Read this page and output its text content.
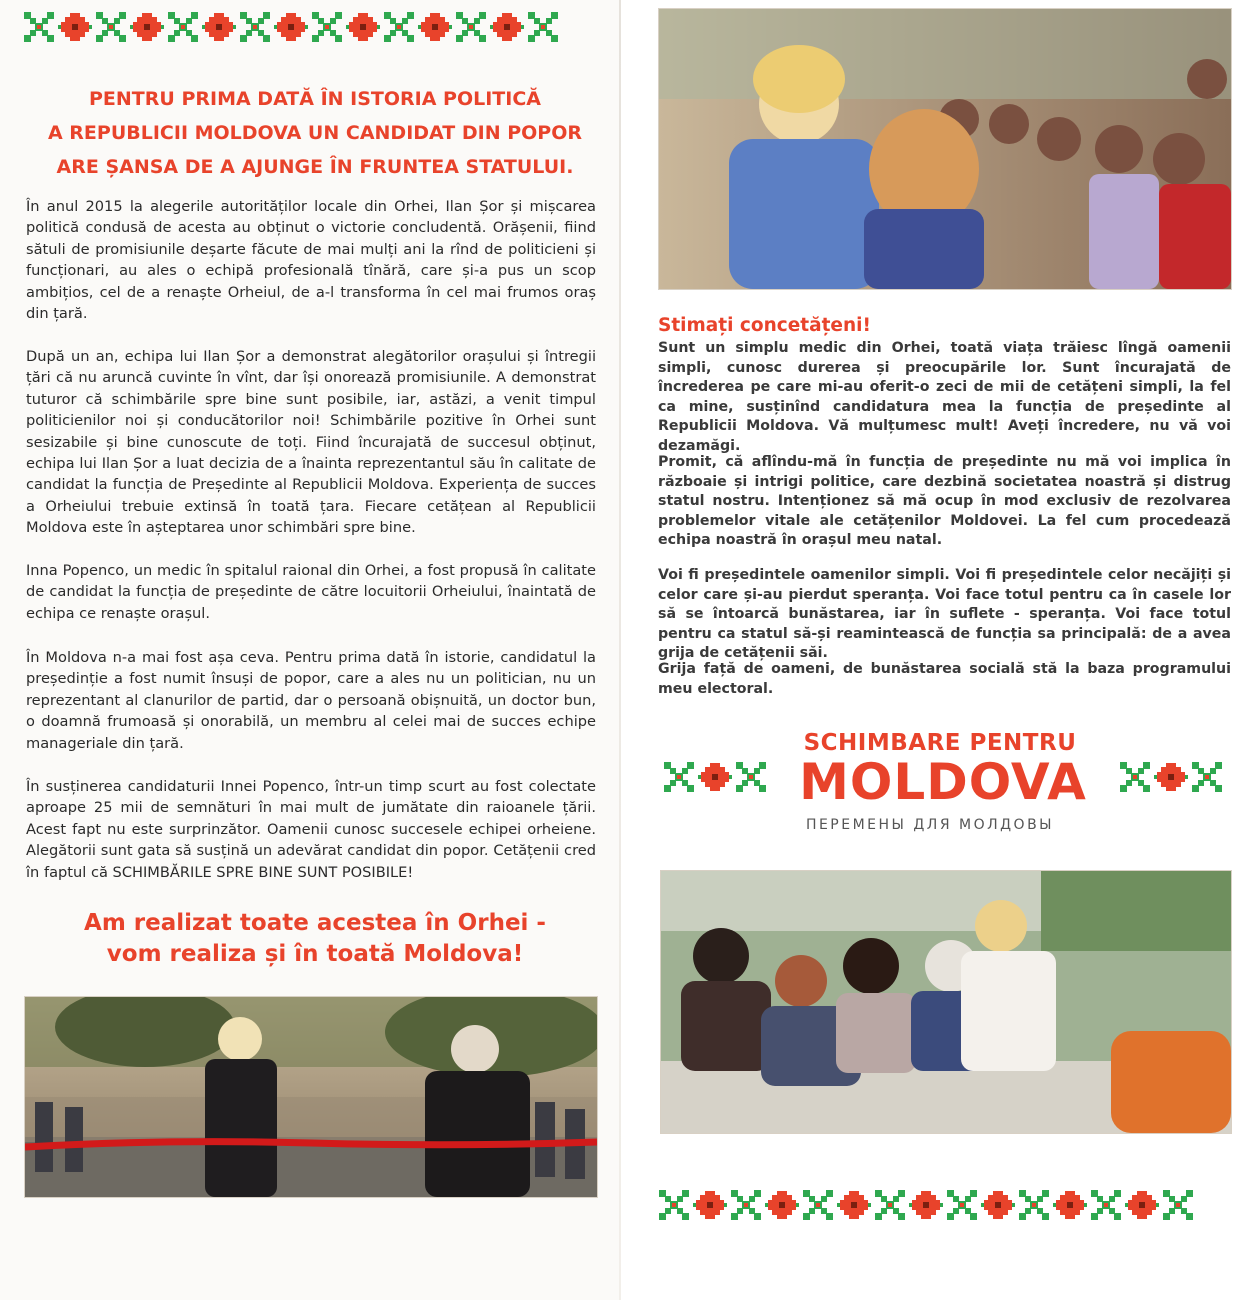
PENTRU PRIMA DATĂ ÎN ISTORIA POLITICĂ
A REPUBLICII MOLDOVA UN CANDIDAT DIN POPOR
ARE ȘANSA DE A AJUNGE ÎN FRUNTEA STATULUI.

În anul 2015 la alegerile autorităților locale din Orhei, Ilan Șor și mișcarea politică condusă de acesta au obținut o victorie concludentă. Orășenii, fiind sătuli de promisiunile deșarte făcute de mai mulți ani la rînd de politicieni și funcționari, au ales o echipă profesională tînără, care și-a pus un scop ambițios, cel de a renaște Orheiul, de a-l transforma în cel mai frumos oraș din țară.

După un an, echipa lui Ilan Șor a demonstrat alegătorilor orașului și întregii țări că nu aruncă cuvinte în vînt, dar își onorează promisiunile. A demonstrat tuturor că schimbările spre bine sunt posibile, iar, astăzi, a venit timpul politicienilor noi și conducătorilor noi! Schimbările pozitive în Orhei sunt sesizabile și bine cunoscute de toți. Fiind încurajată de succesul obținut, echipa lui Ilan Șor a luat decizia de a înainta reprezentantul său în calitate de candidat la funcția de Președinte al Republicii Moldova. Experiența de succes a Orheiului trebuie extinsă în toată țara. Fiecare cetățean al Republicii Moldova este în așteptarea unor schimbări spre bine.

Inna Popenco, un medic în spitalul raional din Orhei, a fost propusă în calitate de candidat la funcția de președinte de către locuitorii Orheiului, înaintată de echipa ce renaște orașul.

În Moldova n-a mai fost așa ceva. Pentru prima dată în istorie, candidatul la președinție a fost numit însuși de popor, care a ales nu un politician, nu un reprezentant al clanurilor de partid, dar o persoană obișnuită, un doctor bun, o doamnă frumoasă și onorabilă, un membru al celei mai de succes echipe manageriale din țară.

În susținerea candidaturii Innei Popenco, într-un timp scurt au fost colectate aproape 25 mii de semnături în mai mult de jumătate din raioanele țării. Acest fapt nu este surprinzător. Oamenii cunosc succesele echipei orheiene. Alegătorii sunt gata să susțină un adevărat candidat din popor. Cetățenii cred în faptul că SCHIMBĂRILE SPRE BINE SUNT POSIBILE!

Am realizat toate acestea în Orhei -
vom realiza și în toată Moldova!
Stimați concetățeni!

Sunt un simplu medic din Orhei, toată viața trăiesc lîngă oamenii simpli, cunosc durerea și preocupările lor. Sunt încurajată de încrederea pe care mi-au oferit-o zeci de mii de cetățeni simpli, la fel ca mine, susținînd candidatura mea la funcția de președinte al Republicii Moldova. Vă mulțumesc mult! Aveți încredere, nu vă voi dezamăgi.

Promit, că aflîndu-mă în funcția de președinte nu mă voi implica în războaie și intrigi politice, care dezbină societatea noastră și distrug statul nostru. Intenționez să mă ocup în mod exclusiv de rezolvarea problemelor vitale ale cetățenilor Moldovei. La fel cum procedează echipa noastră în orașul meu natal.

Voi fi președintele oamenilor simpli. Voi fi președintele celor necăjiți și celor care și-au pierdut speranța. Voi face totul pentru ca în casele lor să se întoarcă bunăstarea, iar în suflete - speranța. Voi face totul pentru ca statul să-și reamintească de funcția sa principală: de a avea grija de cetățenii săi.

Grija față de oameni, de bunăstarea socială stă la baza programului meu electoral.

SCHIMBARE PENTRU
MOLDOVA
ПЕРЕМЕНЫ ДЛЯ МОЛДОВЫ
